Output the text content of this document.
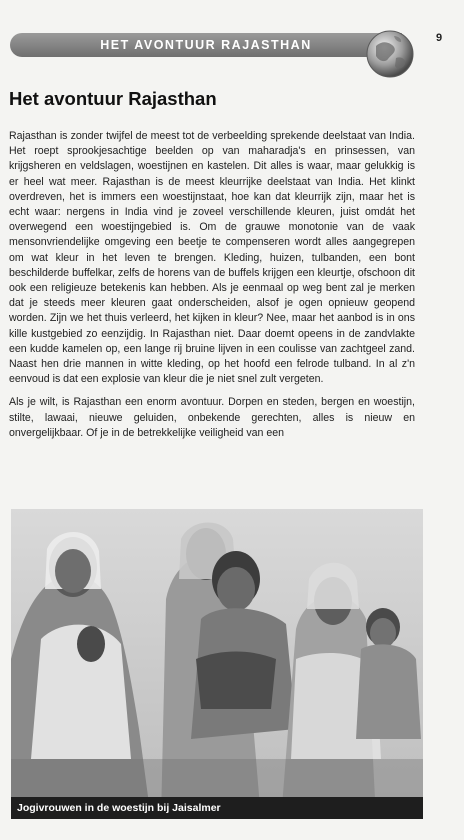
HET AVONTUUR RAJASTHAN	9
Het avontuur Rajasthan

Rajasthan is zonder twijfel de meest tot de verbeelding sprekende deelstaat van India. Het roept sprookjesachtige beelden op van maharadja's en prinsessen, van krijgsheren en veldslagen, woestijnen en kastelen. Dit alles is waar, maar gelukkig is er heel wat meer. Rajasthan is de meest kleurrijke deelstaat van India. Het klinkt overdreven, het is immers een woestijnstaat, hoe kan dat kleurrijk zijn, maar het is echt waar: nergens in India vind je zoveel verschillende kleuren, juist omdát het overwegend een woestijngebied is. Om de grauwe monotonie van de vaak mensonvriendelijke omgeving een beetje te compenseren wordt alles aangegrepen om wat kleur in het leven te brengen. Kleding, huizen, tulbanden, een bont beschilderde buffelkar, zelfs de horens van de buffels krijgen een kleurtje, ofschoon dit ook een religieuze betekenis kan hebben. Als je eenmaal op weg bent zal je merken dat je steeds meer kleuren gaat onderscheiden, alsof je ogen opnieuw geopend worden. Zijn we het thuis verleerd, het kijken in kleur? Nee, maar het aanbod is in ons kille kustgebied zo eenzijdig. In Rajasthan niet. Daar doemt opeens in de zandvlakte een kudde kamelen op, een lange rij bruine lijven in een coulisse van zachtgeel zand. Naast hen drie mannen in witte kleding, op het hoofd een felrode tulband. In al z'n eenvoud is dat een explosie van kleur die je niet snel zult vergeten.

Als je wilt, is Rajasthan een enorm avontuur. Dorpen en steden, bergen en woestijn, stilte, lawaai, nieuwe geluiden, onbekende gerechten, alles is nieuw en onvergelijkbaar. Of je in de betrekkelijke veiligheid van een

Jogivrouwen in de woestijn bij Jaisalmer
